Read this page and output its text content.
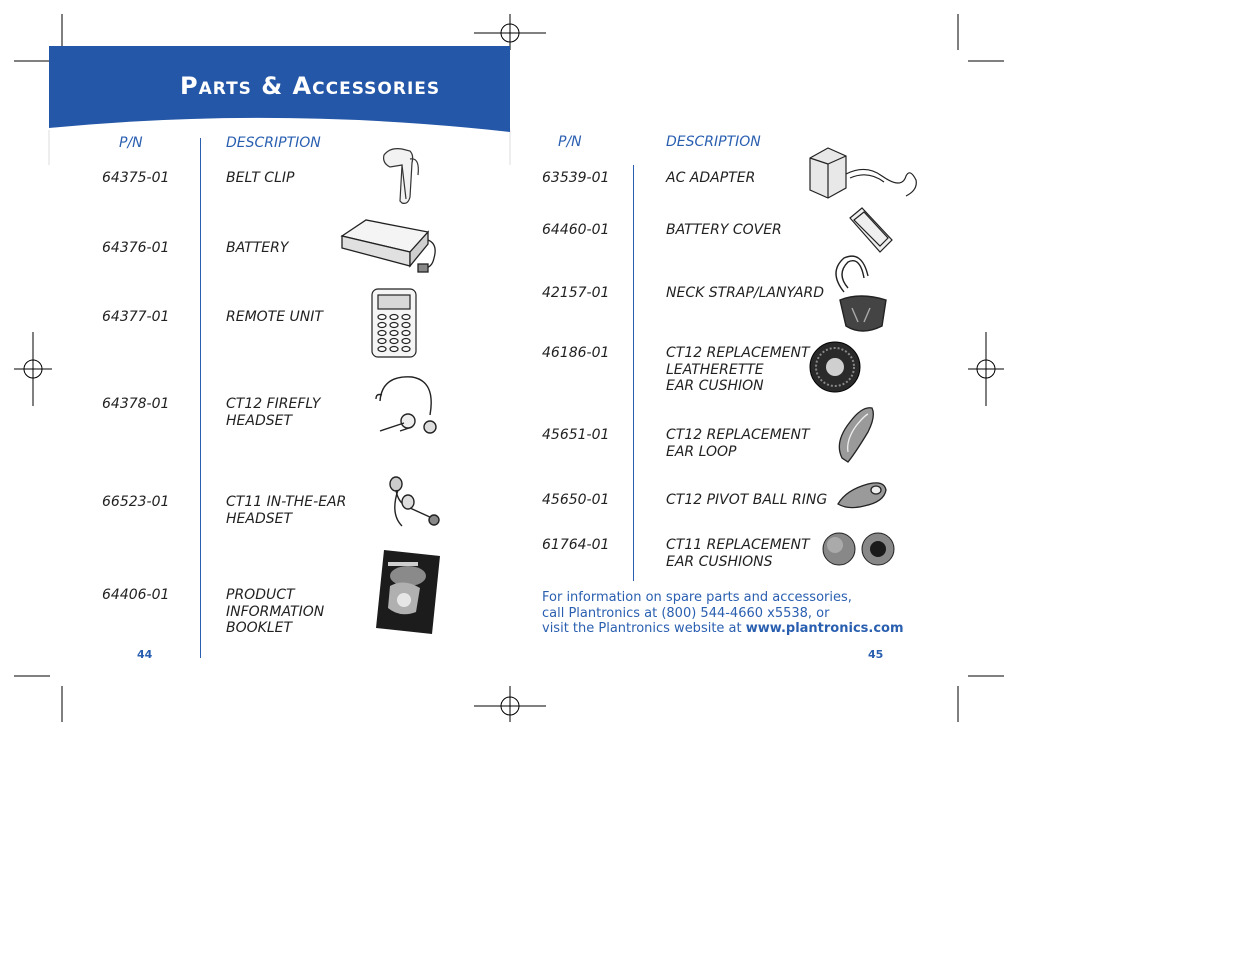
Parts & Accessories
P/N	DESCRIPTION
64375-01	BELT CLIP
64376-01	BATTERY
64377-01	REMOTE UNIT
64378-01	CT12 FIREFLY
HEADSET
66523-01	CT11 IN-THE-EAR
HEADSET
64406-01	PRODUCT
INFORMATION
BOOKLET
44
P/N	DESCRIPTION
63539-01	AC ADAPTER
64460-01	BATTERY COVER
42157-01	NECK STRAP/LANYARD
46186-01	CT12 REPLACEMENT
LEATHERETTE
EAR CUSHION
45651-01	CT12 REPLACEMENT
EAR LOOP
45650-01	CT12 PIVOT BALL RING
61764-01	CT11 REPLACEMENT
EAR CUSHIONS
For information on spare parts and accessories,
call Plantronics at (800) 544-4660 x5538, or
visit the Plantronics website at www.plantronics.com
45
